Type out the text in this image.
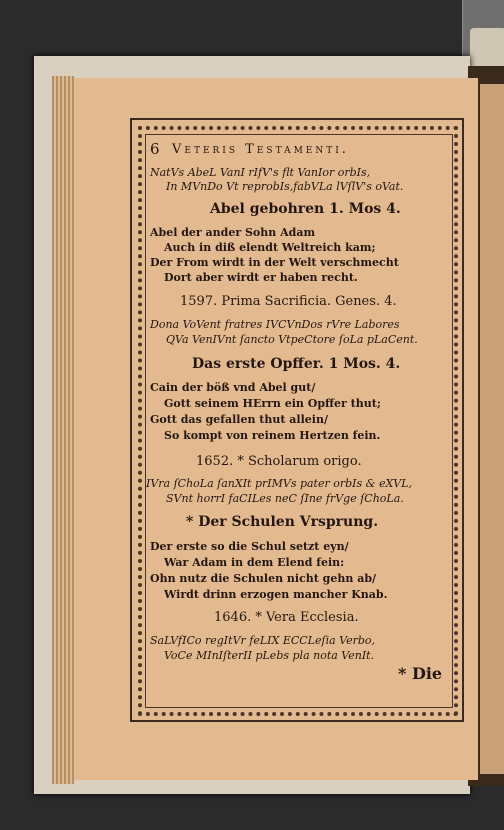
6 Veteris Testamenti.
NatVs AbeL VanI rIfV's flt VanIor orbIs,
In MVnDo Vt reprobIs,fabVLa lVſlV's oVat.
Abel gebohren 1. Mos 4.
Abel der ander Sohn Adam
Auch in diß elendt Weltreich kam;
Der From wirdt in der Welt verschmecht
Dort aber wirdt er haben recht.
1597. Prima Sacrificia. Genes. 4.
Dona VoVent fratres IVCVnDos rVre Labores
QVa VenIVnt ſancto VtpeCtore ſoLa pLaCent.
Das erste Opffer. 1 Mos. 4.
Cain der böß vnd Abel gut/
Gott seinem HErrn ein Opffer thut;
Gott das gefallen thut allein/
So kompt von reinem Hertzen fein.
1652. * Scholarum origo.
IVra ſChoLa ſanXIt prIMVs pater orbIs & eXVL,
SVnt horrI faCILes neC ſIne frVge ſChoLa.
* Der Schulen Vrsprung.
Der erste so die Schul setzt eyn/
War Adam in dem Elend fein:
Ohn nutz die Schulen nicht gehn ab/
Wirdt drinn erzogen mancher Knab.
1646. * Vera Ecclesia.
SaLVfICo regItVr feLIX ECCLeſia Verbo,
VoCe MInIſterII pLebs pla nota VenIt.
* Die
